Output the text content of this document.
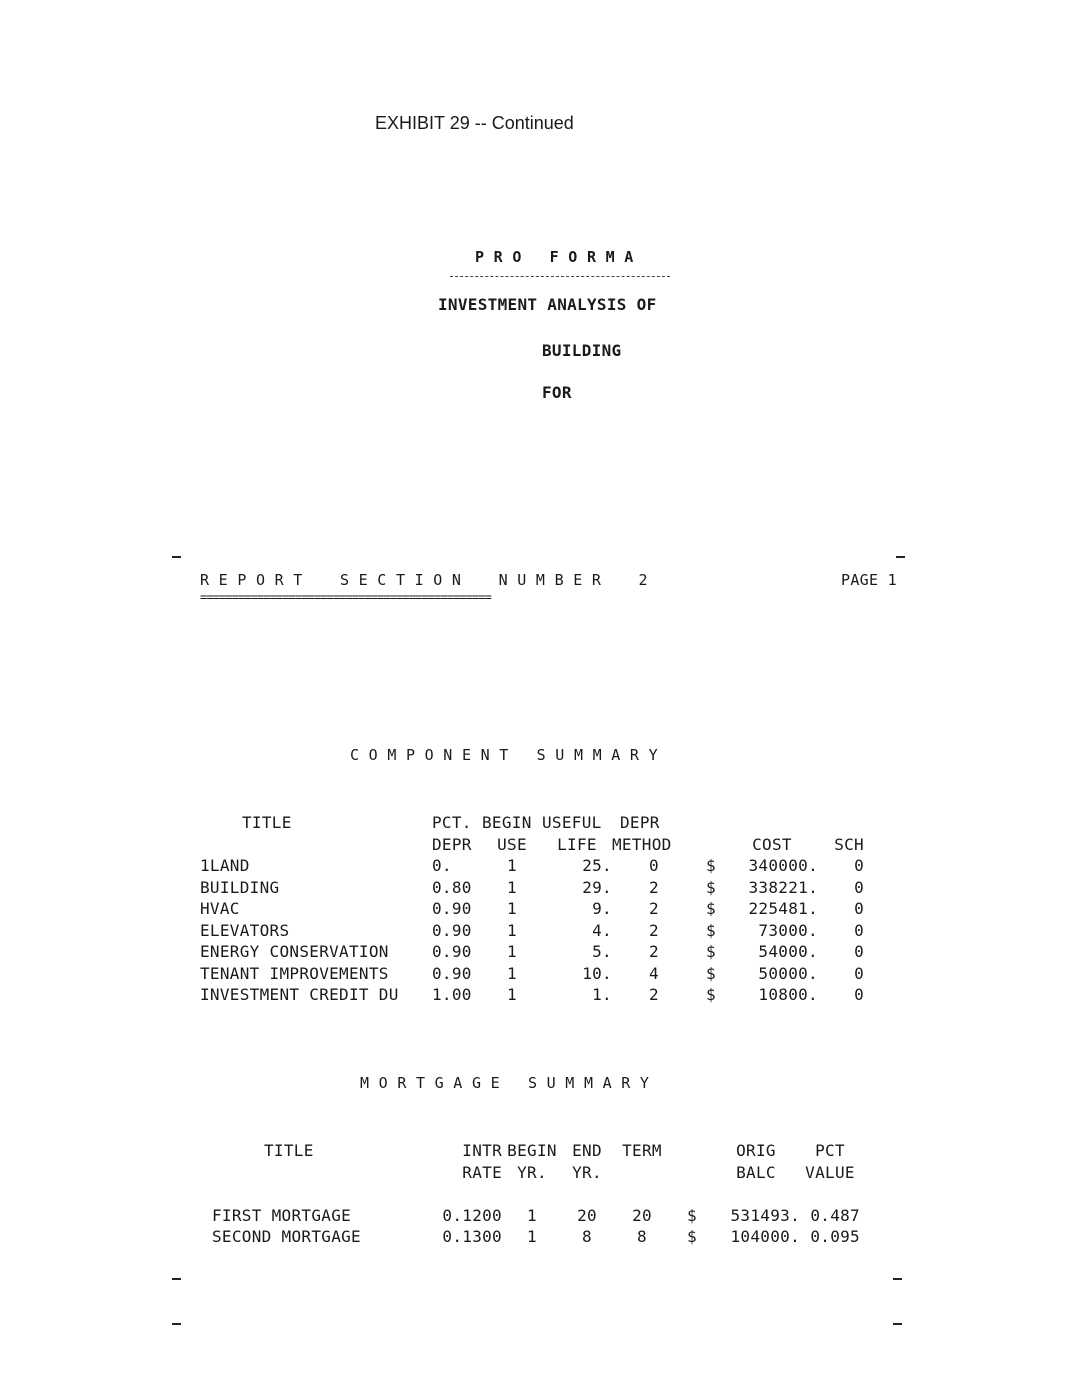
EXHIBIT 29 -- Continued
P R O   F O R M A
INVESTMENT ANALYSIS OF
BUILDING
FOR
R E P O R T    S E C T I O N    N U M B E R    2	PAGE 1
==============================================
C O M P O N E N T   S U M M A R Y
TITLE	PCT.	BEGIN	USEFUL	DEPR			
	DEPR	USE	LIFE	METHOD		COST	SCH
1LAND	0.	1	25.	0	$	340000.	0
BUILDING	0.80	1	29.	2	$	338221.	0
HVAC	0.90	1	9.	2	$	225481.	0
ELEVATORS	0.90	1	4.	2	$	73000.	0
ENERGY CONSERVATION	0.90	1	5.	2	$	54000.	0
TENANT IMPROVEMENTS	0.90	1	10.	4	$	50000.	0
INVESTMENT CREDIT DU	1.00	1	1.	2	$	10800.	0
M O R T G A G E   S U M M A R Y
TITLE	INTR	BEGIN	END	TERM		ORIG	PCT
	RATE	YR.	YR.			BALC	VALUE

FIRST MORTGAGE	0.1200	1	20	20	$	531493.	0.487
SECOND MORTGAGE	0.1300	1	8	8	$	104000.	0.095
